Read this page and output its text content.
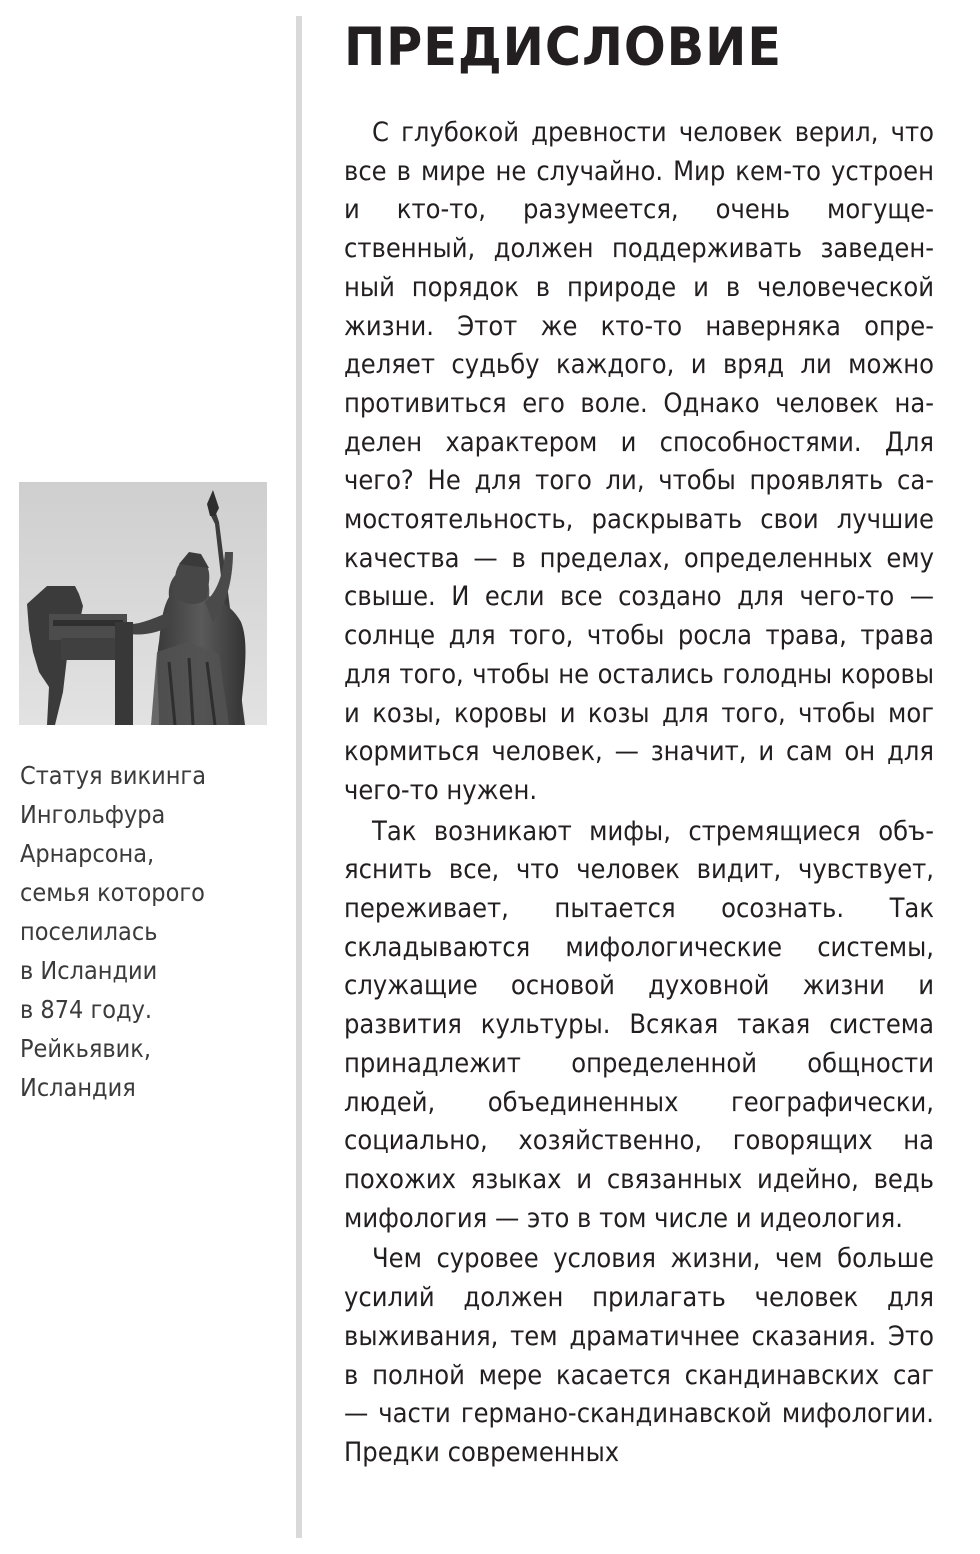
Статуя викинга
Ингольфура
Арнарсона,
семья которого
поселилась
в Исландии
в 874 году.
Рейкьявик,
Исландия

ПРЕДИСЛОВИЕ

С глубокой древности человек верил, что все в мире не случайно. Мир кем-то устроен и кто-то, разумеется, очень могущественный, должен поддерживать заведенный порядок в природе и в человеческой жизни. Этот же кто-то наверняка определяет судьбу каждого, и вряд ли можно противиться его воле. Однако человек наделен характером и способностями. Для чего? Не для того ли, чтобы проявлять самостоятельность, раскрывать свои лучшие качества — в пределах, определенных ему свыше. И если все создано для чего-то — солнце для того, чтобы росла трава, трава для того, чтобы не остались голодны коровы и козы, коровы и козы для того, чтобы мог кормиться человек, — значит, и сам он для чего-то нужен.

Так возникают мифы, стремящиеся объяснить все, что человек видит, чувствует, переживает, пытается осознать. Так складываются мифологические системы, служащие основой духовной жизни и развития культуры. Всякая такая система принадлежит определенной общности людей, объединенных географически, социально, хозяйственно, говорящих на похожих языках и связанных идейно, ведь мифология — это в том числе и идеология.

Чем суровее условия жизни, чем больше усилий должен прилагать человек для выживания, тем драматичнее сказания. Это в полной мере касается скандинавских саг — части германо-скандинавской мифологии. Предки современных
